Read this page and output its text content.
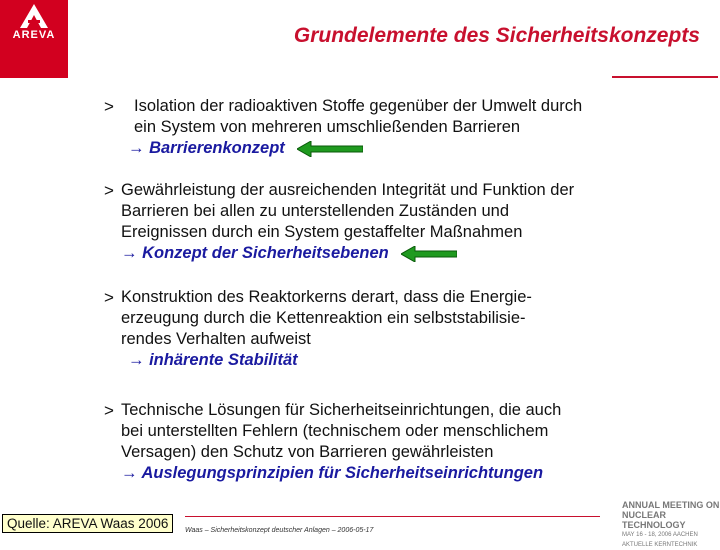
AREVA	Grundelemente des Sicherheitskonzepts
> Isolation der radioaktiven Stoffe gegenüber der Umwelt durch
ein System von mehreren umschließenden Barrieren
→ Barrierenkonzept
> Gewährleistung der ausreichenden Integrität und Funktion der
Barrieren bei allen zu unterstellenden Zuständen und
Ereignissen durch ein System gestaffelter Maßnahmen
→ Konzept der Sicherheitsebenen
> Konstruktion des Reaktorkerns derart, dass die Energie-
erzeugung durch die Kettenreaktion ein selbststabilisie-
rendes Verhalten aufweist
→ inhärente Stabilität
> Technische Lösungen für Sicherheitseinrichtungen, die auch
bei unterstellten Fehlern (technischem oder menschlichem
Versagen) den Schutz von Barrieren gewährleisten
→ Auslegungsprinzipien für Sicherheitseinrichtungen
Quelle: AREVA Waas 2006	Waas – Sicherheitskonzept deutscher Anlagen – 2006-05-17
ANNUAL MEETING ON
NUCLEAR TECHNOLOGY
MAY 16 - 18, 2006 AACHEN
AKTUELLE KERNTECHNIK
